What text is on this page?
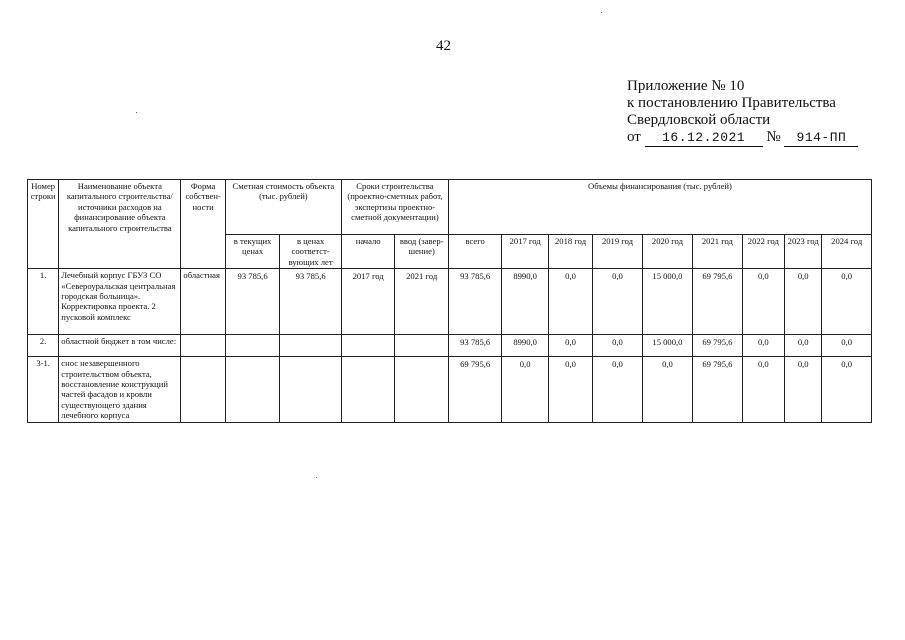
42
Приложение № 10
к постановлению Правительства
Свердловской области
от 16.12.2021 № 914-ПП
Номер строки	Наименование объекта капитального строительства/ источники расходов на финансирование объекта капитального строительства	Форма собствен-ности	Сметная стоимость объекта (тыс. рублей)		Сроки строительства (проектно-сметных работ, экспертизы проектно-сметной документации)		Объемы финансирования (тыс. рублей)								
			в текущих ценах	в ценах соответст-вующих лет	начало	ввод (завер-шение)	всего	2017 год	2018 год	2019 год	2020 год	2021 год	2022 год	2023 год	2024 год
1.	Лечебный корпус ГБУЗ СО «Североуральская центральная городская больница». Корректировка проекта. 2 пусковой комплекс	областная	93 785,6	93 785,6	2017 год	2021 год	93 785,6	8990,0	0,0	0,0	15 000,0	69 795,6	0,0	0,0	0,0
2.	областной бюджет в том числе:						93 785,6	8990,0	0,0	0,0	15 000,0	69 795,6	0,0	0,0	0,0
3-1.	снос незавершенного строительством объекта, восстановление конструкций частей фасадов и кровли существующего здания лечебного корпуса						69 795,6	0,0	0,0	0,0	0,0	69 795,6	0,0	0,0	0,0
